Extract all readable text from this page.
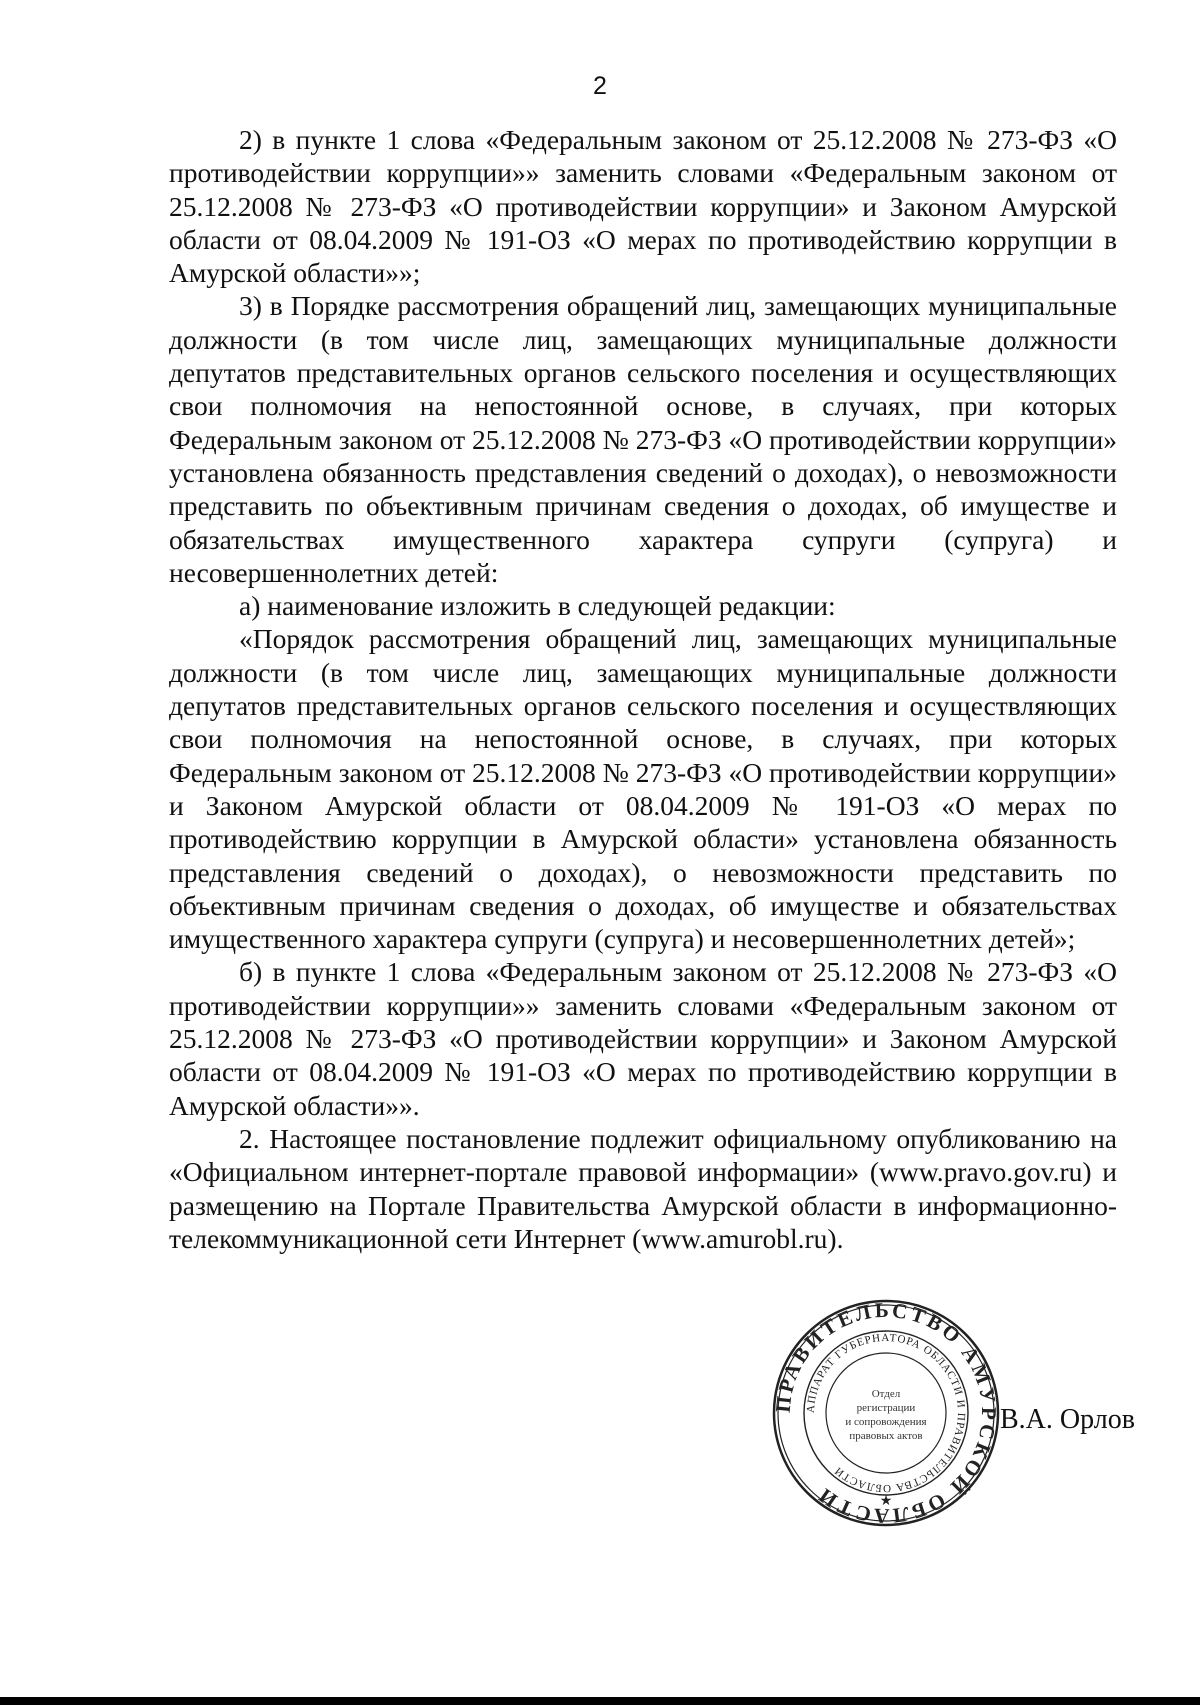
2

2) в пункте 1 слова «Федеральным законом от 25.12.2008 № 273-ФЗ «О противодействии коррупции»» заменить словами «Федеральным законом от 25.12.2008 № 273-ФЗ «О противодействии коррупции» и Законом Амурской области от 08.04.2009 № 191-ОЗ «О мерах по противодействию коррупции в Амурской области»»;

3) в Порядке рассмотрения обращений лиц, замещающих муниципальные должности (в том числе лиц, замещающих муниципальные должности депутатов представительных органов сельского поселения и осуществляющих свои полномочия на непостоянной основе, в случаях, при которых Федеральным законом от 25.12.2008 № 273-ФЗ «О противодействии коррупции» установлена обязанность представления сведений о доходах), о невозможности представить по объективным причинам сведения о доходах, об имуществе и обязательствах имущественного характера супруги (супруга) и несовершеннолетних детей:

а) наименование изложить в следующей редакции:

«Порядок рассмотрения обращений лиц, замещающих муниципальные должности (в том числе лиц, замещающих муниципальные должности депутатов представительных органов сельского поселения и осуществляющих свои полномочия на непостоянной основе, в случаях, при которых Федеральным законом от 25.12.2008 № 273-ФЗ «О противодействии коррупции» и Законом Амурской области от 08.04.2009 № 191-ОЗ «О мерах по противодействию коррупции в Амурской области» установлена обязанность представления сведений о доходах), о невозможности представить по объективным причинам сведения о доходах, об имуществе и обязательствах имущественного характера супруги (супруга) и несовершеннолетних детей»;

б) в пункте 1 слова «Федеральным законом от 25.12.2008 № 273-ФЗ «О противодействии коррупции»» заменить словами «Федеральным законом от 25.12.2008 № 273-ФЗ «О противодействии коррупции» и Законом Амурской области от 08.04.2009 № 191-ОЗ «О мерах по противодействию коррупции в Амурской области»».

2. Настоящее постановление подлежит официальному опубликованию на «Официальном интернет-портале правовой информации» (www.pravo.gov.ru) и размещению на Портале Правительства Амурской области в информационно-телекоммуникационной сети Интернет (www.amurobl.ru).

ПРАВИТЕЛЬСТВО АМУРСКОЙ ОБЛАСТИ
АППАРАТ ГУБЕРНАТОРА ОБЛАСТИ И ПРАВИТЕЛЬСТВА ОБЛАСТИ
Отдел
регистрации
и сопровождения
правовых актов
★
В.А. Орлов
